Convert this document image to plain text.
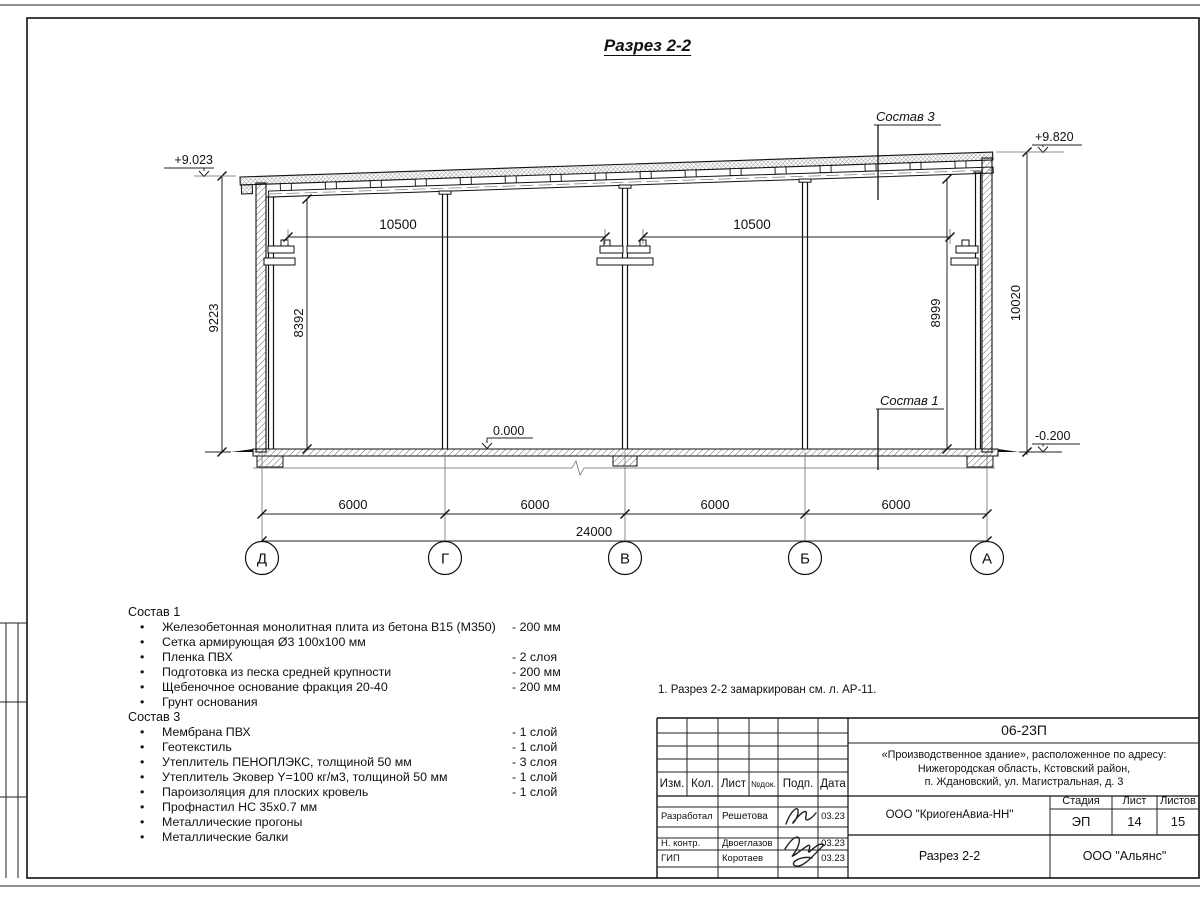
Д	Г	В	Б	А
10500	10500
9223	8392	8999	10020
6000	6000	6000	6000
24000
+9.023
+9.820
0.000	-0.200
Состав 3
Состав 1
Разрез 2-2
Состав 1
•
Железобетонная монолитная плита из бетона В15 (М350)	- 200 мм
•
Сетка армирующая Ø3 100x100 мм
•
Пленка ПВХ	- 2 слоя
•
Подготовка из песка средней крупности	- 200 мм
•
Щебеночное основание фракция 20-40	- 200 мм
•
Грунт основания
Состав 3
•
Мембрана ПВХ	- 1 слой
•
Геотекстиль	- 1 слой
•
Утеплитель ПЕНОПЛЭКС, толщиной 50 мм	- 3 слоя
•
Утеплитель Эковер Y=100 кг/м3, толщиной 50 мм	- 1 слой
•
Пароизоляция для плоских кровель	- 1 слой
•
Профнастил НС 35x0.7 мм
•
Металлические прогоны
•
Металлические балки
1. Разрез 2-2 замаркирован см. л. АР-11.
06-23П
«Производственное здание», расположенное по адресу:
Нижегородская область, Кстовский район,
п. Ждановский, ул. Магистральная, д. 3
Изм. Кол. Лист №док. Подп. Дата
Разработал Решетова	03.23
Н. контр.	Двоеглазов	03.23
ГИП	Коротаев	03.23
ООО "КриогенАвиа-НН"
Стадия	Лист	Листов
ЭП	14	15
Разрез 2-2	ООО "Альянс"
